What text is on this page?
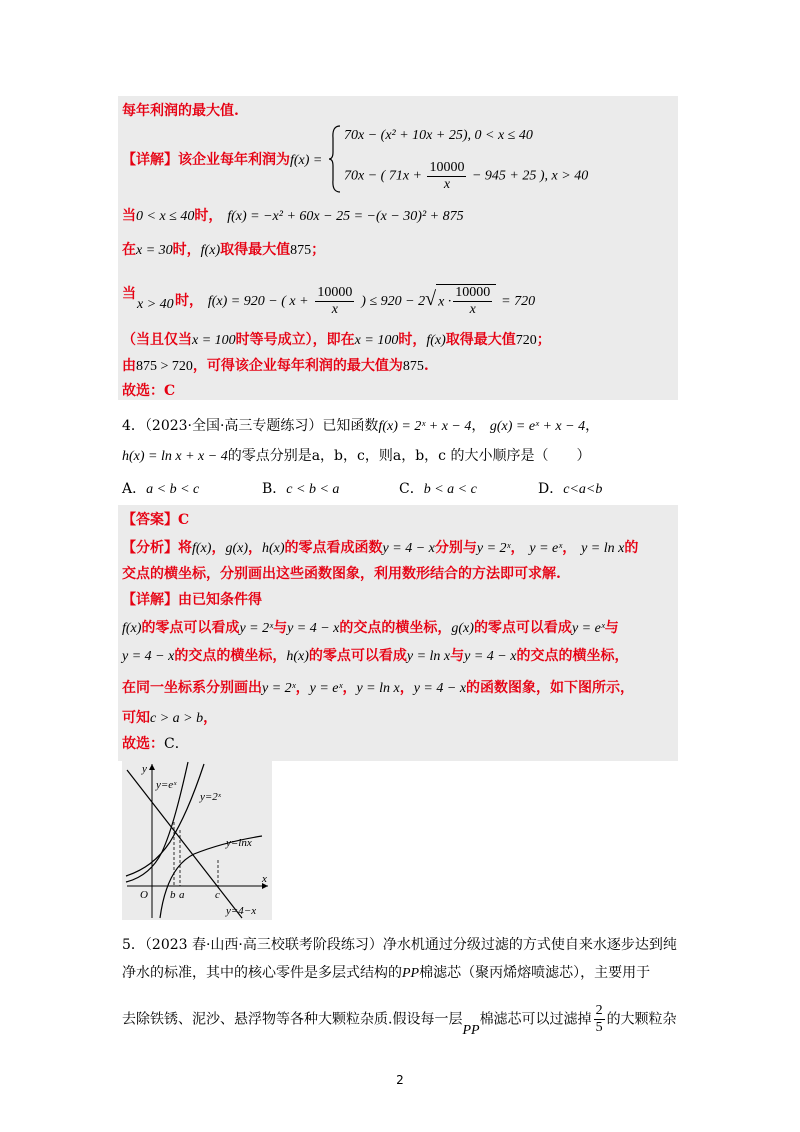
每年利润的最大值.
【详解】该企业每年利润为f(x) =
70x − (x² + 10x + 25), 0 < x ≤ 40
70x − ( $71x + \frac{10000}{x} - 945 + 25$ ), x > 40
当0 < x ≤ 40时， f(x) = −x² + 60x − 25 = −(x − 30)² + 875
在x = 30时，f(x)取得最大值875；
当
x > 40 时， f(x) = 920 − ( $x + \frac{10000}{x}$ ) ≤ 920 − 2√ $x \cdot \frac{10000}{x} = 720$
（当且仅当x = 100时等号成立），即在x = 100时，f(x)取得最大值720；
由875 > 720，可得该企业每年利润的最大值为875.
故选：C
4．（2023·全国·高三专题练习）已知函数f(x) = 2ˣ + x − 4， g(x) = eˣ + x − 4，
h(x) = ln x + x − 4的零点分别是a，b，c，则a，b，c 的大小顺序是（　　）
A．a < b < c	B．c < b < a	C．b < a < c	D．c<a<b
【答案】C
【分析】将f(x)，g(x)，h(x)的零点看成函数y = 4 − x分别与y = 2ˣ， y = eˣ， y = ln x的
交点的横坐标，分别画出这些函数图象，利用数形结合的方法即可求解.
【详解】由已知条件得
f(x)的零点可以看成y = 2ˣ与y = 4 − x的交点的横坐标，g(x)的零点可以看成y = eˣ与
y = 4 − x的交点的横坐标，h(x)的零点可以看成y = ln x与y = 4 − x的交点的横坐标，
在同一坐标系分别画出y = 2ˣ，y = eˣ，y = ln x，y = 4 − x的函数图象，如下图所示，
可知c > a > b，
故选：C．
y
x
O
y=eˣ
y=2ˣ
y=lnx
y=4−x
b a	c
5．（2023 春·山西·高三校联考阶段练习）净水机通过分级过滤的方式使自来水逐步达到纯
净水的标准，其中的核心零件是多层式结构的PP棉滤芯（聚丙烯熔喷滤芯），主要用于
去除铁锈、泥沙、悬浮物等各种大颗粒杂质.假设每一层PP棉滤芯可以过滤掉 $\frac{2}{5}$ 的大颗粒杂
2
